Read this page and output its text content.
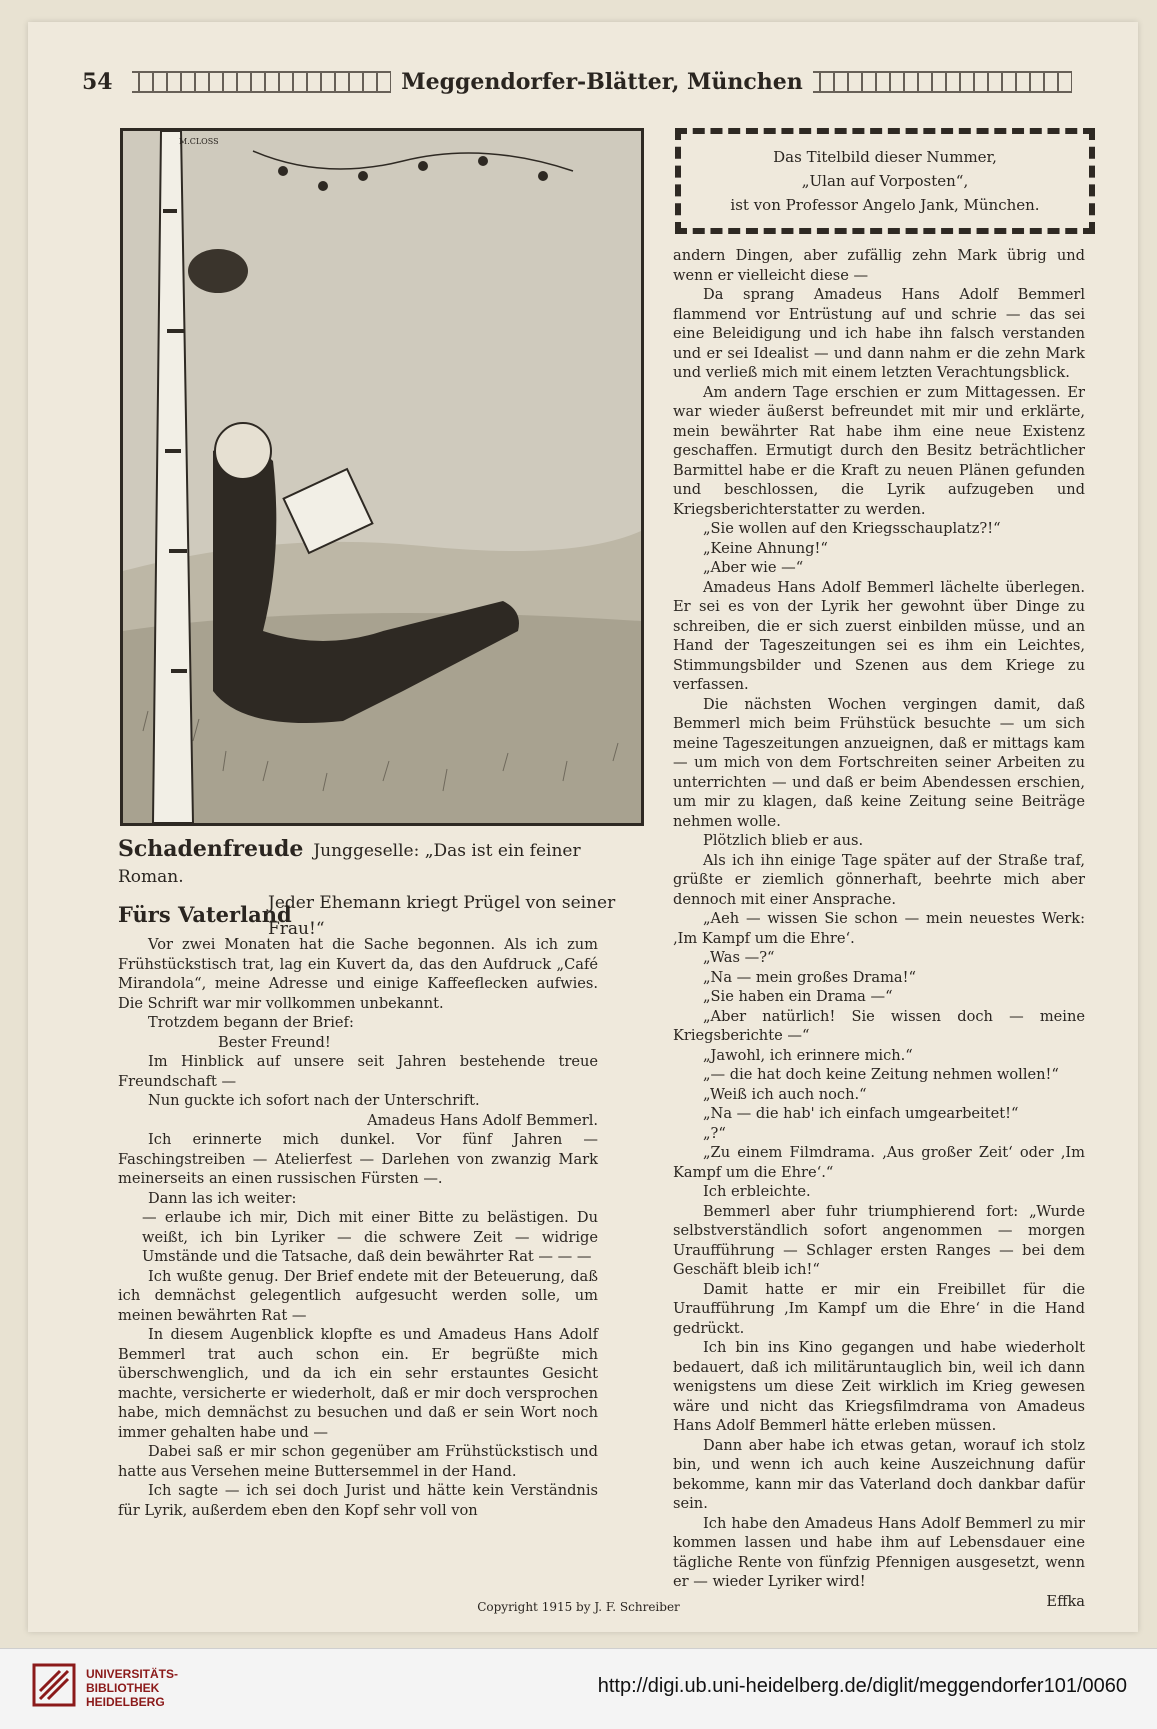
54	Meggendorfer-Blätter, München
M.CLOSS
Schadenfreude Junggeselle: „Das ist ein feiner Roman.
Jeder Ehemann kriegt Prügel von seiner Frau!“
Das Titelbild dieser Nummer,
„Ulan auf Vorposten“,
ist von Professor Angelo Jank, München.
Fürs Vaterland

Vor zwei Monaten hat die Sache begonnen. Als ich zum Frühstückstisch trat, lag ein Kuvert da, das den Aufdruck „Café Mirandola“, meine Adresse und einige Kaffeeflecken aufwies. Die Schrift war mir vollkommen unbekannt.

Trotzdem begann der Brief:

Bester Freund!

Im Hinblick auf unsere seit Jahren bestehende treue Freundschaft —

Nun guckte ich sofort nach der Unterschrift.

Amadeus Hans Adolf Bemmerl.

Ich erinnerte mich dunkel. Vor fünf Jahren — Faschingstreiben — Atelierfest — Darlehen von zwanzig Mark meinerseits an einen russischen Fürsten —.

Dann las ich weiter:

— erlaube ich mir, Dich mit einer Bitte zu belästigen. Du weißt, ich bin Lyriker — die schwere Zeit — widrige Umstände und die Tatsache, daß dein bewährter Rat — — —

Ich wußte genug. Der Brief endete mit der Beteuerung, daß ich demnächst gelegentlich aufgesucht werden solle, um meinen bewährten Rat —

In diesem Augenblick klopfte es und Amadeus Hans Adolf Bemmerl trat auch schon ein. Er begrüßte mich überschwenglich, und da ich ein sehr erstauntes Gesicht machte, versicherte er wiederholt, daß er mir doch versprochen habe, mich demnächst zu besuchen und daß er sein Wort noch immer gehalten habe und —

Dabei saß er mir schon gegenüber am Frühstückstisch und hatte aus Versehen meine Buttersemmel in der Hand.

Ich sagte — ich sei doch Jurist und hätte kein Verständnis für Lyrik, außerdem eben den Kopf sehr voll von

andern Dingen, aber zufällig zehn Mark übrig und wenn er vielleicht diese —

Da sprang Amadeus Hans Adolf Bemmerl flammend vor Entrüstung auf und schrie — das sei eine Beleidigung und ich habe ihn falsch verstanden und er sei Idealist — und dann nahm er die zehn Mark und verließ mich mit einem letzten Verachtungsblick.

Am andern Tage erschien er zum Mittagessen. Er war wieder äußerst befreundet mit mir und erklärte, mein bewährter Rat habe ihm eine neue Existenz geschaffen. Ermutigt durch den Besitz beträchtlicher Barmittel habe er die Kraft zu neuen Plänen gefunden und beschlossen, die Lyrik aufzugeben und Kriegsberichterstatter zu werden.

„Sie wollen auf den Kriegsschauplatz?!“

„Keine Ahnung!“

„Aber wie —“

Amadeus Hans Adolf Bemmerl lächelte überlegen. Er sei es von der Lyrik her gewohnt über Dinge zu schreiben, die er sich zuerst einbilden müsse, und an Hand der Tageszeitungen sei es ihm ein Leichtes, Stimmungsbilder und Szenen aus dem Kriege zu verfassen.

Die nächsten Wochen vergingen damit, daß Bemmerl mich beim Frühstück besuchte — um sich meine Tageszeitungen anzueignen, daß er mittags kam — um mich von dem Fortschreiten seiner Arbeiten zu unterrichten — und daß er beim Abendessen erschien, um mir zu klagen, daß keine Zeitung seine Beiträge nehmen wolle.

Plötzlich blieb er aus.

Als ich ihn einige Tage später auf der Straße traf, grüßte er ziemlich gönnerhaft, beehrte mich aber dennoch mit einer Ansprache.

„Aeh — wissen Sie schon — mein neuestes Werk: ‚Im Kampf um die Ehre‘.

„Was —?“

„Na — mein großes Drama!“

„Sie haben ein Drama —“

„Aber natürlich! Sie wissen doch — meine Kriegsberichte —“

„Jawohl, ich erinnere mich.“

„— die hat doch keine Zeitung nehmen wollen!“

„Weiß ich auch noch.“

„Na — die hab' ich einfach umgearbeitet!“

„?“

„Zu einem Filmdrama. ‚Aus großer Zeit‘ oder ‚Im Kampf um die Ehre‘.“

Ich erbleichte.

Bemmerl aber fuhr triumphierend fort: „Wurde selbstverständlich sofort angenommen — morgen Uraufführung — Schlager ersten Ranges — bei dem Geschäft bleib ich!“

Damit hatte er mir ein Freibillet für die Uraufführung ‚Im Kampf um die Ehre‘ in die Hand gedrückt.

Ich bin ins Kino gegangen und habe wiederholt bedauert, daß ich militäruntauglich bin, weil ich dann wenigstens um diese Zeit wirklich im Krieg gewesen wäre und nicht das Kriegsfilmdrama von Amadeus Hans Adolf Bemmerl hätte erleben müssen.

Dann aber habe ich etwas getan, worauf ich stolz bin, und wenn ich auch keine Auszeichnung dafür bekomme, kann mir das Vaterland doch dankbar dafür sein.

Ich habe den Amadeus Hans Adolf Bemmerl zu mir kommen lassen und habe ihm auf Lebensdauer eine tägliche Rente von fünfzig Pfennigen ausgesetzt, wenn er — wieder Lyriker wird!

Effka

Copyright 1915 by J. F. Schreiber
UNIVERSITÄTS-
BIBLIOTHEK
HEIDELBERG
http://digi.ub.uni-heidelberg.de/diglit/meggendorfer101/0060
